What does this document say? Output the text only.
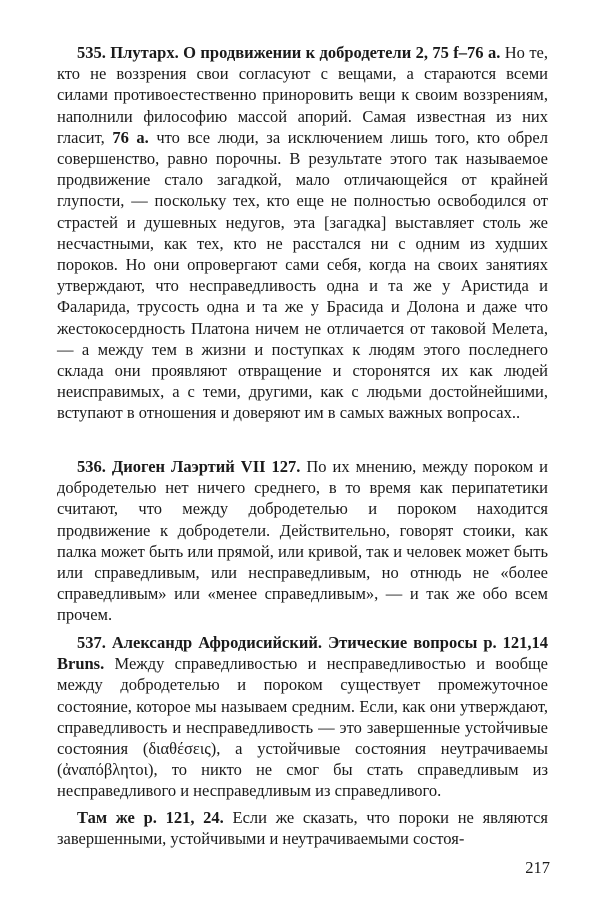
535. Плутарх. О продвижении к добродетели 2, 75 f–76 a. Но те, кто не воззрения свои согласуют с вещами, а стараются всеми силами противоестественно приноровить вещи к своим воззрениям, наполнили философию массой апорий. Самая известная из них гласит, 76 a. что все люди, за исключением лишь того, кто обрел совершенство, равно порочны. В результате этого так называемое продвижение стало загадкой, мало отличающейся от крайней глупости, — поскольку тех, кто еще не полностью освободился от страстей и душевных недугов, эта [загадка] выставляет столь же несчастными, как тех, кто не расстался ни с одним из худших пороков. Но они опровергают сами себя, когда на своих занятиях утверждают, что несправедливость одна и та же у Аристида и Фаларида, трусость одна и та же у Брасида и Долона и даже что жестокосердность Платона ничем не отличается от таковой Мелета, — а между тем в жизни и поступках к людям этого последнего склада они проявляют отвращение и сторонятся их как людей неисправимых, а с теми, другими, как с людьми достойнейшими, вступают в отношения и доверяют им в самых важных вопросах..

536. Диоген Лаэртий VII 127. По их мнению, между пороком и добродетелью нет ничего среднего, в то время как перипатетики считают, что между добродетелью и пороком находится продвижение к добродетели. Действительно, говорят стоики, как палка может быть или прямой, или кривой, так и человек может быть или справедливым, или несправедливым, но отнюдь не «более справедливым» или «менее справедливым», — и так же обо всем прочем.

537. Александр Афродисийский. Этические вопросы p. 121,14 Bruns. Между справедливостью и несправедливостью и вообще между добродетелью и пороком существует промежуточное состояние, которое мы называем средним. Если, как они утверждают, справедливость и несправедливость — это завершенные устойчивые состояния (διαθέσεις), а устойчивые состояния неутрачиваемы (ἀναπόβλητοι), то никто не смог бы стать справедливым из несправедливого и несправедливым из справедливого.

Там же p. 121, 24. Если же сказать, что пороки не являются завершенными, устойчивыми и неутрачиваемыми состоя-

217
